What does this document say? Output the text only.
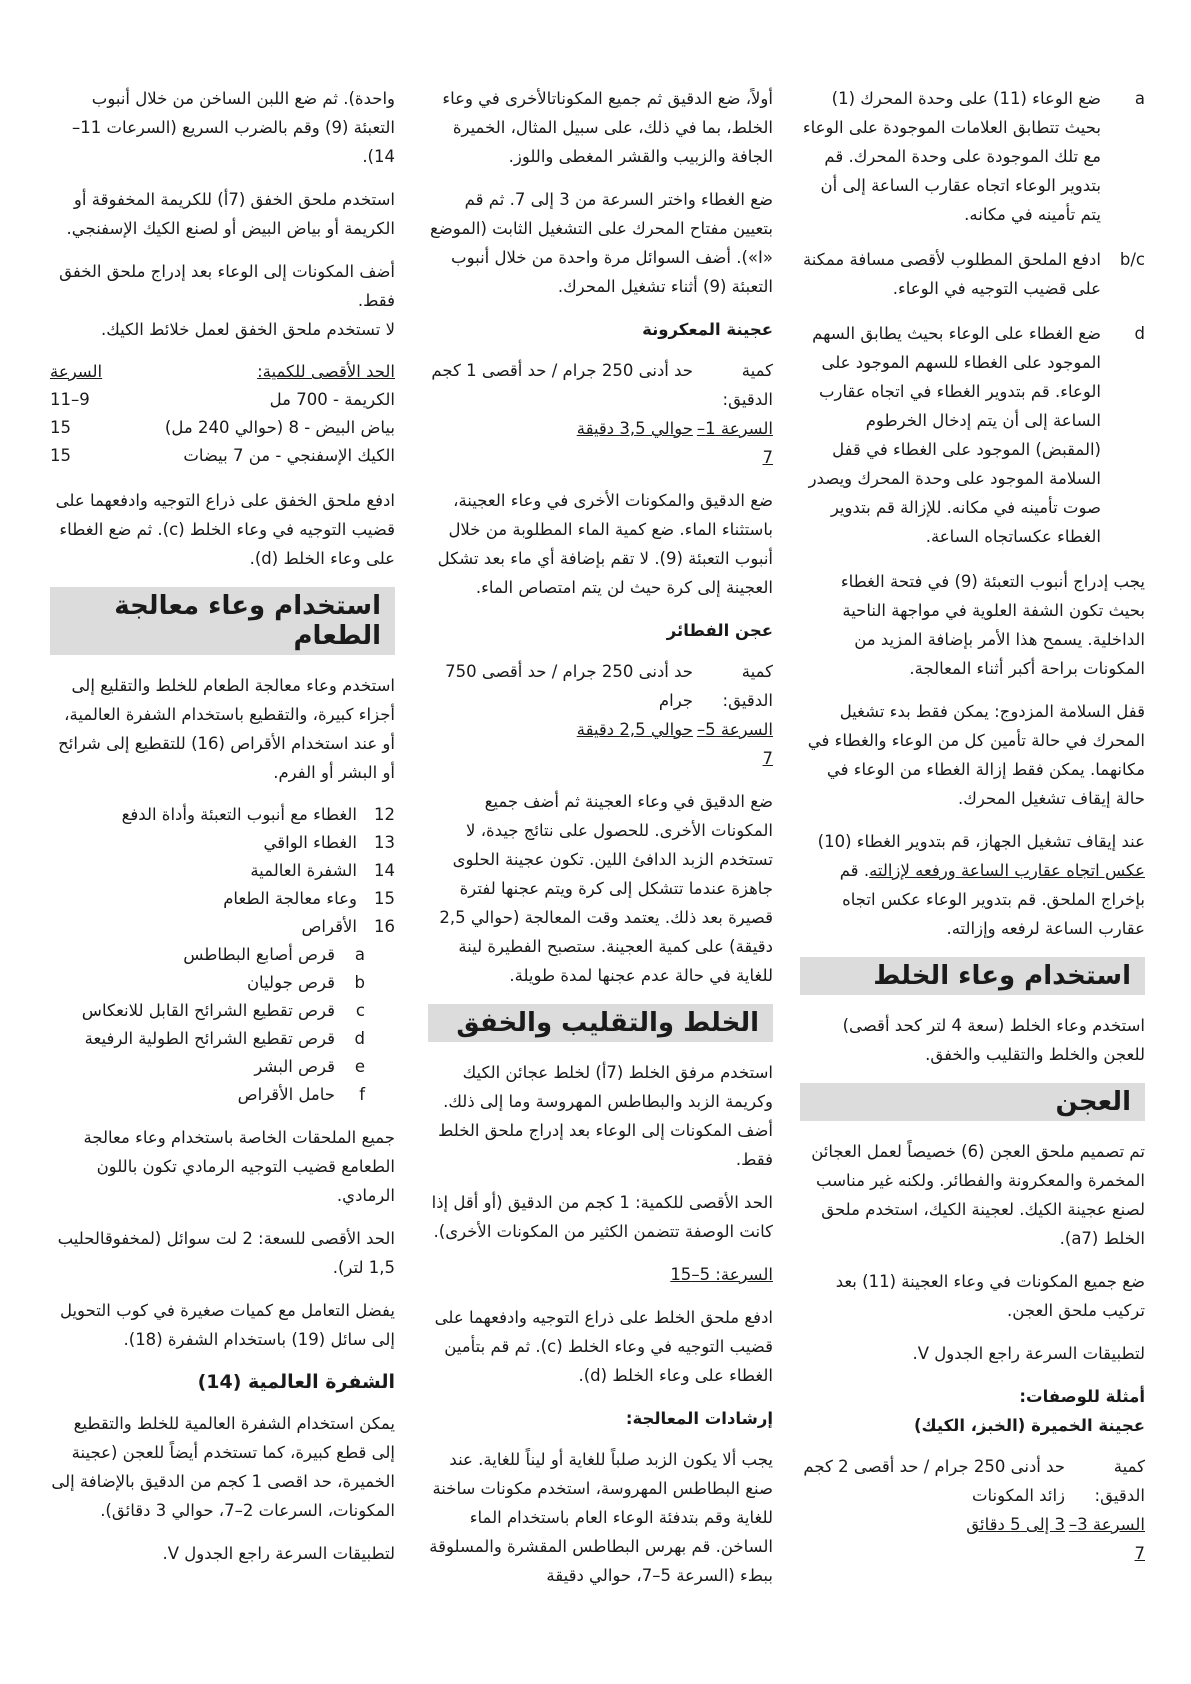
a
ضع الوعاء (11) على وحدة المحرك (1) بحيث تتطابق العلامات الموجودة على الوعاء مع تلك الموجودة على وحدة المحرك. قم بتدوير الوعاء اتجاه عقارب الساعة إلى أن يتم تأمينه في مكانه.
b/c
ادفع الملحق المطلوب لأقصى مسافة ممكنة على قضيب التوجيه في الوعاء.
d
ضع الغطاء على الوعاء بحيث يطابق السهم الموجود على الغطاء للسهم الموجود على الوعاء. قم بتدوير الغطاء في اتجاه عقارب الساعة إلى أن يتم إدخال الخرطوم (المقبض) الموجود على الغطاء في قفل السلامة الموجود على وحدة المحرك ويصدر صوت تأمينه في مكانه. للإزالة قم بتدوير الغطاء عكساتجاه الساعة.

يجب إدراج أنبوب التعبئة (9) في فتحة الغطاء بحيث تكون الشفة العلوية في مواجهة الناحية الداخلية. يسمح هذا الأمر بإضافة المزيد من المكونات براحة أكبر أثناء المعالجة.

قفل السلامة المزدوج: يمكن فقط بدء تشغيل المحرك في حالة تأمين كل من الوعاء والغطاء في مكانهما. يمكن فقط إزالة الغطاء من الوعاء في حالة إيقاف تشغيل المحرك.

عند إيقاف تشغيل الجهاز، قم بتدوير الغطاء (10) عكس اتجاه عقارب الساعة ورفعه لإزالته. قم بإخراج الملحق. قم بتدوير الوعاء عكس اتجاه عقارب الساعة لرفعه وإزالته.

استخدام وعاء الخلط

استخدم وعاء الخلط (سعة 4 لتر كحد أقصى) للعجن والخلط والتقليب والخفق.

العجن

تم تصميم ملحق العجن (6) خصيصاً لعمل العجائن المخمرة والمعكرونة والفطائر. ولكنه غير مناسب لصنع عجينة الكيك. لعجينة الكيك، استخدم ملحق الخلط (a7).

ضع جميع المكونات في وعاء العجينة (11) بعد تركيب ملحق العجن.

لتطبيقات السرعة راجع الجدول V.

أمثلة للوصفات:
عجينة الخميرة (الخبز، الكيك)
كمية الدقيق:
حد أدنى 250 جرام / حد أقصى 2 كجم زائد المكونات
السرعة 3–7
3 إلى 5 دقائق

أولاً، ضع الدقيق ثم جميع المكوناتالأخرى في وعاء الخلط، بما في ذلك، على سبيل المثال، الخميرة الجافة والزبيب والقشر المغطى واللوز.

ضع الغطاء واختر السرعة من 3 إلى 7. ثم قم بتعيين مفتاح المحرك على التشغيل الثابت (الموضع «I»). أضف السوائل مرة واحدة من خلال أنبوب التعبئة (9) أثناء تشغيل المحرك.

عجينة المعكرونة
كمية الدقيق:
حد أدنى 250 جرام / حد أقصى 1 كجم
السرعة 1–7
حوالي 3,5 دقيقة

ضع الدقيق والمكونات الأخرى في وعاء العجينة، باستثناء الماء. ضع كمية الماء المطلوبة من خلال أنبوب التعبئة (9). لا تقم بإضافة أي ماء بعد تشكل العجينة إلى كرة حيث لن يتم امتصاص الماء.

عجن الفطائر
كمية الدقيق:
حد أدنى 250 جرام / حد أقصى 750 جرام
السرعة 5–7
حوالي 2,5 دقيقة

ضع الدقيق في وعاء العجينة ثم أضف جميع المكونات الأخرى. للحصول على نتائج جيدة، لا تستخدم الزبد الدافئ اللين. تكون عجينة الحلوى جاهزة عندما تتشكل إلى كرة ويتم عجنها لفترة قصيرة بعد ذلك. يعتمد وقت المعالجة (حوالي 2,5 دقيقة) على كمية العجينة. ستصبح الفطيرة لينة للغاية في حالة عدم عجنها لمدة طويلة.

الخلط والتقليب والخفق

استخدم مرفق الخلط (7أ) لخلط عجائن الكيك وكريمة الزبد والبطاطس المهروسة وما إلى ذلك. أضف المكونات إلى الوعاء بعد إدراج ملحق الخلط فقط.

الحد الأقصى للكمية: 1 كجم من الدقيق (أو أقل إذا كانت الوصفة تتضمن الكثير من المكونات الأخرى).

السرعة: 5–15

ادفع ملحق الخلط على ذراع التوجيه وادفعهما على قضيب التوجيه في وعاء الخلط (c). ثم قم بتأمين الغطاء على وعاء الخلط (d).

إرشادات المعالجة:

يجب ألا يكون الزبد صلباً للغاية أو ليناً للغاية. عند صنع البطاطس المهروسة، استخدم مكونات ساخنة للغاية وقم بتدفئة الوعاء العام باستخدام الماء الساخن. قم بهرس البطاطس المقشرة والمسلوقة ببطء (السرعة 5–7، حوالي دقيقة

واحدة). ثم ضع اللبن الساخن من خلال أنبوب التعبئة (9) وقم بالضرب السريع (السرعات 11–14).

استخدم ملحق الخفق (7أ) للكريمة المخفوقة أو الكريمة أو بياض البيض أو لصنع الكيك الإسفنجي.

أضف المكونات إلى الوعاء بعد إدراج ملحق الخفق فقط.
لا تستخدم ملحق الخفق لعمل خلائط الكيك.

الحد الأقصى للكمية:	السرعة
الكريمة - 700 مل	9–11
بياض البيض - 8 (حوالي 240 مل)	15
الكيك الإسفنجي - من 7 بيضات	15

ادفع ملحق الخفق على ذراع التوجيه وادفعهما على قضيب التوجيه في وعاء الخلط (c). ثم ضع الغطاء على وعاء الخلط (d).

استخدام وعاء معالجة الطعام

استخدم وعاء معالجة الطعام للخلط والتقليع إلى أجزاء كبيرة، والتقطيع باستخدام الشفرة العالمية، أو عند استخدام الأقراص (16) للتقطيع إلى شرائح أو البشر أو الفرم.

12
الغطاء مع أنبوب التعبئة وأداة الدفع
13
الغطاء الواقي
14
الشفرة العالمية
15
وعاء معالجة الطعام
16
الأقراص
a
قرص أصابع البطاطس
b
قرص جوليان
c
قرص تقطيع الشرائح القابل للانعكاس
d
قرص تقطيع الشرائح الطولية الرفيعة
e
قرص البشر
f
حامل الأقراص

جميع الملحقات الخاصة باستخدام وعاء معالجة الطعامع قضيب التوجيه الرمادي تكون باللون الرمادي.

الحد الأقصى للسعة: 2 لت سوائل (لمخفوقالحليب 1,5 لتر).

يفضل التعامل مع كميات صغيرة في كوب التحويل إلى سائل (19) باستخدام الشفرة (18).

الشفرة العالمية (14)

يمكن استخدام الشفرة العالمية للخلط والتقطيع إلى قطع كبيرة، كما تستخدم أيضاً للعجن (عجينة الخميرة، حد اقصى 1 كجم من الدقيق بالإضافة إلى المكونات، السرعات 2–7، حوالي 3 دقائق).

لتطبيقات السرعة راجع الجدول V.
